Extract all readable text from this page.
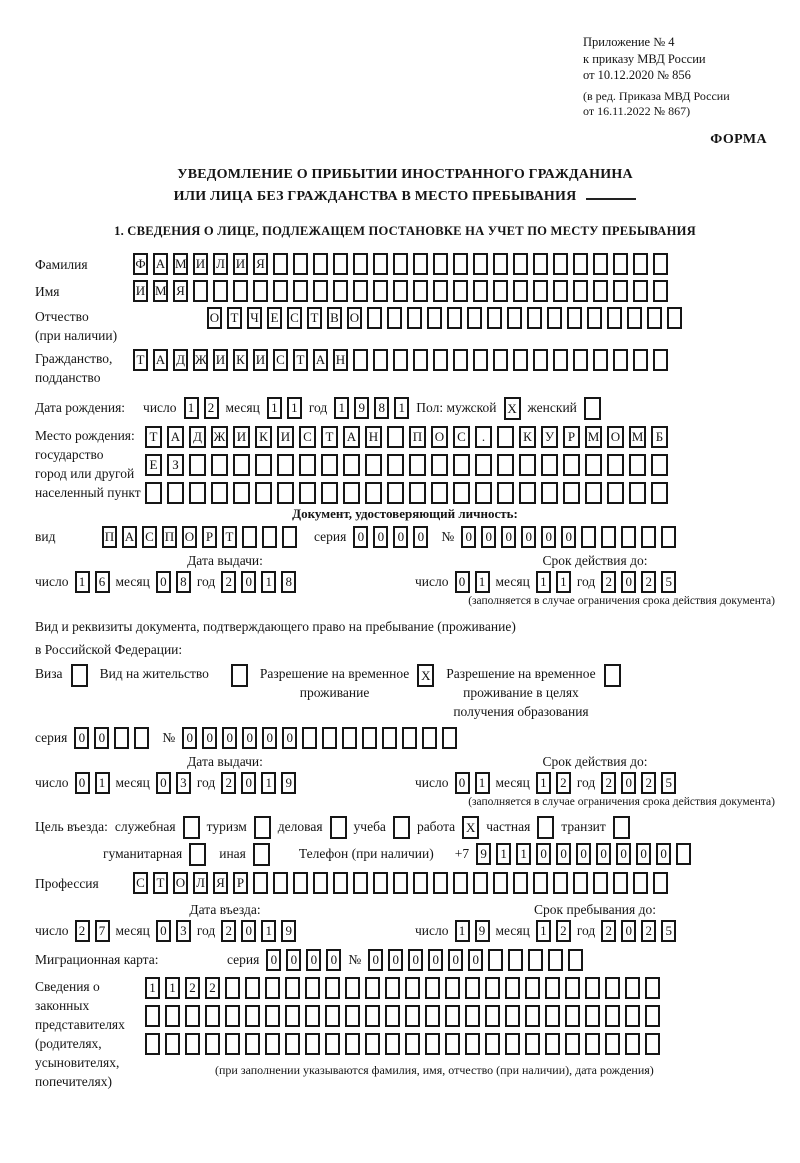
Приложение № 4
к приказу МВД России
от 10.12.2020 № 856
(в ред. Приказа МВД России
от 16.11.2022 № 867)
ФОРМА
УВЕДОМЛЕНИЕ О ПРИБЫТИИ ИНОСТРАННОГО ГРАЖДАНИНА
ИЛИ ЛИЦА БЕЗ ГРАЖДАНСТВА В МЕСТО ПРЕБЫВАНИЯ
1. СВЕДЕНИЯ О ЛИЦЕ, ПОДЛЕЖАЩЕМ ПОСТАНОВКЕ НА УЧЕТ ПО МЕСТУ ПРЕБЫВАНИЯ
Фамилия	Ф А М И Л И Я
Имя	И М Я
Отчество
(при наличии)
О Т Ч Е С Т В О
Гражданство,
подданство
Т А Д Ж И К И С Т А Н
Дата рождения: число 1	2 месяц 1	1 год 1	9	8	1 Пол: мужской X женский
Место рождения:
государство
город или другой
населенный пункт
Т	А Д Ж И К И С	Т	А Н	П О С	.	К	У	Р М О М Б
Е	З
Документ, удостоверяющий личность:
вид	П А С П О Р Т	серия 0	0	0	0	№ 0	0	0	0	0	0
Дата выдачи:	Срок действия до:
число 1	6 месяц 0	8 год 2	0	1	8	число 0	1 месяц 1	1 год 2	0	2	5
(заполняется в случае ограничения срока действия документа)
Вид и реквизиты документа, подтверждающего право на пребывание (проживание)
в Российской Федерации:
Виза	Вид на жительство	Разрешение на временное
проживание
X Разрешение на временное
проживание в целях
получения образования
серия 0	0	№ 0	0	0	0	0	0
Дата выдачи:	Срок действия до:
число 0	1 месяц 0	3 год 2	0	1	9	число 0	1 месяц 1	2 год 2	0	2	5
(заполняется в случае ограничения срока действия документа)
Цель въезда: служебная туризм деловая учеба работа X частная транзит
гуманитарная	иная	Телефон (при наличии) +7 9	1	1	0	0	0	0	0	0	0
Профессия	С Т О Л Я Р
Дата въезда:	Срок пребывания до:
число 2	7 месяц 0	3 год 2	0	1	9	число 1	9 месяц 1	2 год 2	0	2	5
Миграционная карта:	серия 0	0	0	0 № 0	0	0	0	0	0
Сведения о
законных
представителях
(родителях,
усыновителях,
попечителях)
1	1	2	2
(при заполнении указываются фамилия, имя, отчество (при наличии), дата рождения)
